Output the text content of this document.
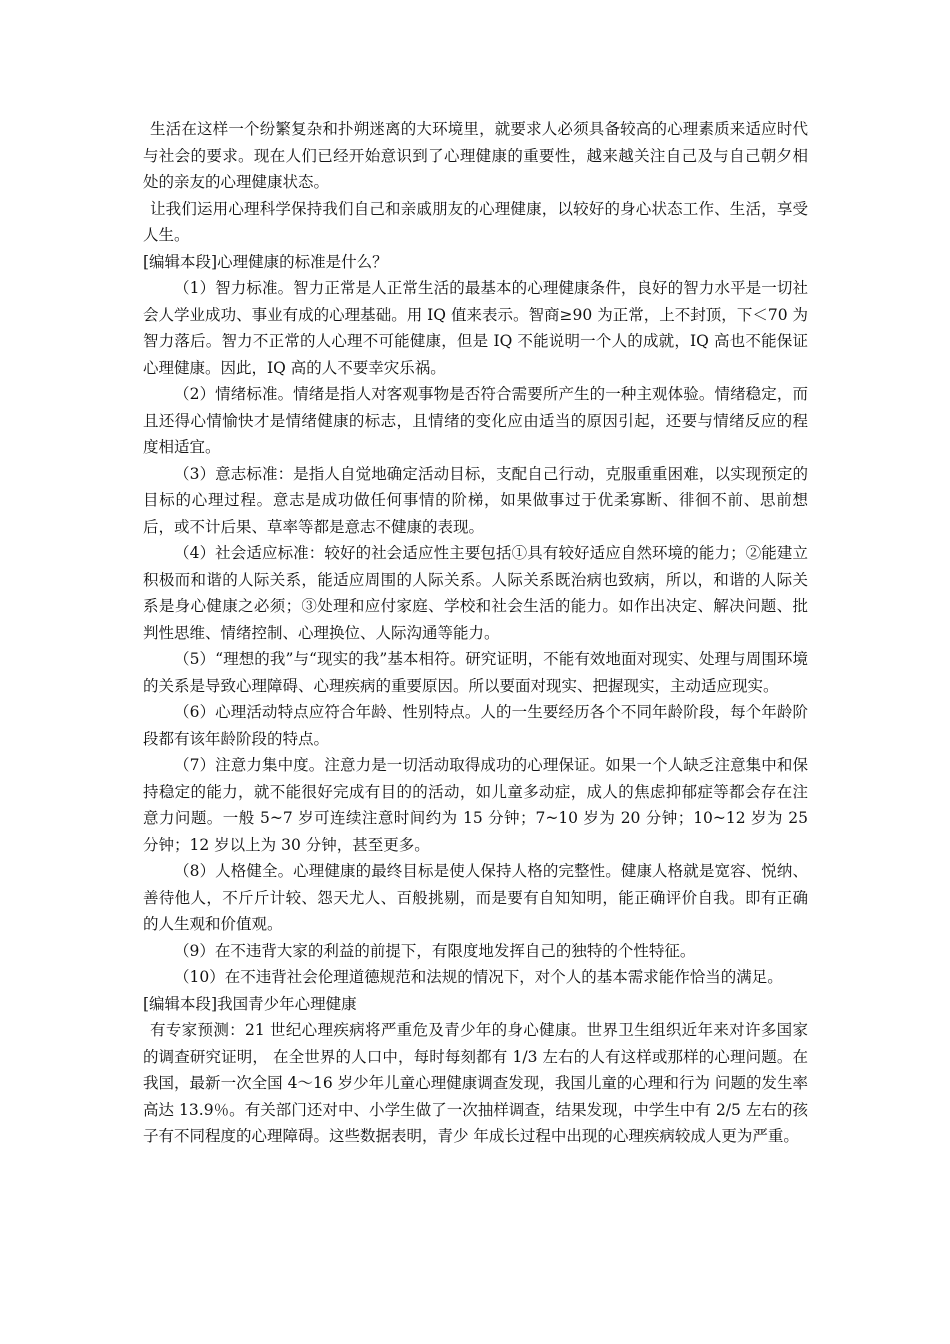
生活在这样一个纷繁复杂和扑朔迷离的大环境里，就要求人必须具备较高的心理素质来适应时代与社会的要求。现在人们已经开始意识到了心理健康的重要性，越来越关注自己及与自己朝夕相处的亲友的心理健康状态。

让我们运用心理科学保持我们自己和亲戚朋友的心理健康，以较好的身心状态工作、生活，享受人生。

[编辑本段]心理健康的标准是什么？

（1）智力标准。智力正常是人正常生活的最基本的心理健康条件，良好的智力水平是一切社会人学业成功、事业有成的心理基础。用 IQ 值来表示。智商≥90 为正常，上不封顶，下＜70 为智力落后。智力不正常的人心理不可能健康，但是 IQ 不能说明一个人的成就，IQ 高也不能保证心理健康。因此，IQ 高的人不要幸灾乐祸。

（2）情绪标准。情绪是指人对客观事物是否符合需要所产生的一种主观体验。情绪稳定，而且还得心情愉快才是情绪健康的标志，且情绪的变化应由适当的原因引起，还要与情绪反应的程度相适宜。

（3）意志标准：是指人自觉地确定活动目标，支配自己行动，克服重重困难，以实现预定的目标的心理过程。意志是成功做任何事情的阶梯，如果做事过于优柔寡断、徘徊不前、思前想后，或不计后果、草率等都是意志不健康的表现。

（4）社会适应标准：较好的社会适应性主要包括①具有较好适应自然环境的能力；②能建立积极而和谐的人际关系，能适应周围的人际关系。人际关系既治病也致病，所以，和谐的人际关系是身心健康之必须；③处理和应付家庭、学校和社会生活的能力。如作出决定、解决问题、批判性思维、情绪控制、心理换位、人际沟通等能力。

（5）“理想的我”与“现实的我”基本相符。研究证明，不能有效地面对现实、处理与周围环境的关系是导致心理障碍、心理疾病的重要原因。所以要面对现实、把握现实，主动适应现实。

（6）心理活动特点应符合年龄、性别特点。人的一生要经历各个不同年龄阶段，每个年龄阶段都有该年龄阶段的特点。

（7）注意力集中度。注意力是一切活动取得成功的心理保证。如果一个人缺乏注意集中和保持稳定的能力，就不能很好完成有目的的活动，如儿童多动症，成人的焦虑抑郁症等都会存在注意力问题。一般 5~7 岁可连续注意时间约为 15 分钟；7~10 岁为 20 分钟；10~12 岁为 25 分钟；12 岁以上为 30 分钟，甚至更多。

（8）人格健全。心理健康的最终目标是使人保持人格的完整性。健康人格就是宽容、悦纳、善待他人，不斤斤计较、怨天尤人、百般挑剔，而是要有自知知明，能正确评价自我。即有正确的人生观和价值观。

（9）在不违背大家的利益的前提下，有限度地发挥自己的独特的个性特征。

（10）在不违背社会伦理道德规范和法规的情况下，对个人的基本需求能作恰当的满足。

[编辑本段]我国青少年心理健康

有专家预测：21 世纪心理疾病将严重危及青少年的身心健康。世界卫生组织近年来对许多国家的调查研究证明， 在全世界的人口中，每时每刻都有 1/3 左右的人有这样或那样的心理问题。在我国，最新一次全国 4～16 岁少年儿童心理健康调查发现，我国儿童的心理和行为 问题的发生率高达 13.9％。有关部门还对中、小学生做了一次抽样调查，结果发现，中学生中有 2/5 左右的孩子有不同程度的心理障碍。这些数据表明，青少 年成长过程中出现的心理疾病较成人更为严重。
